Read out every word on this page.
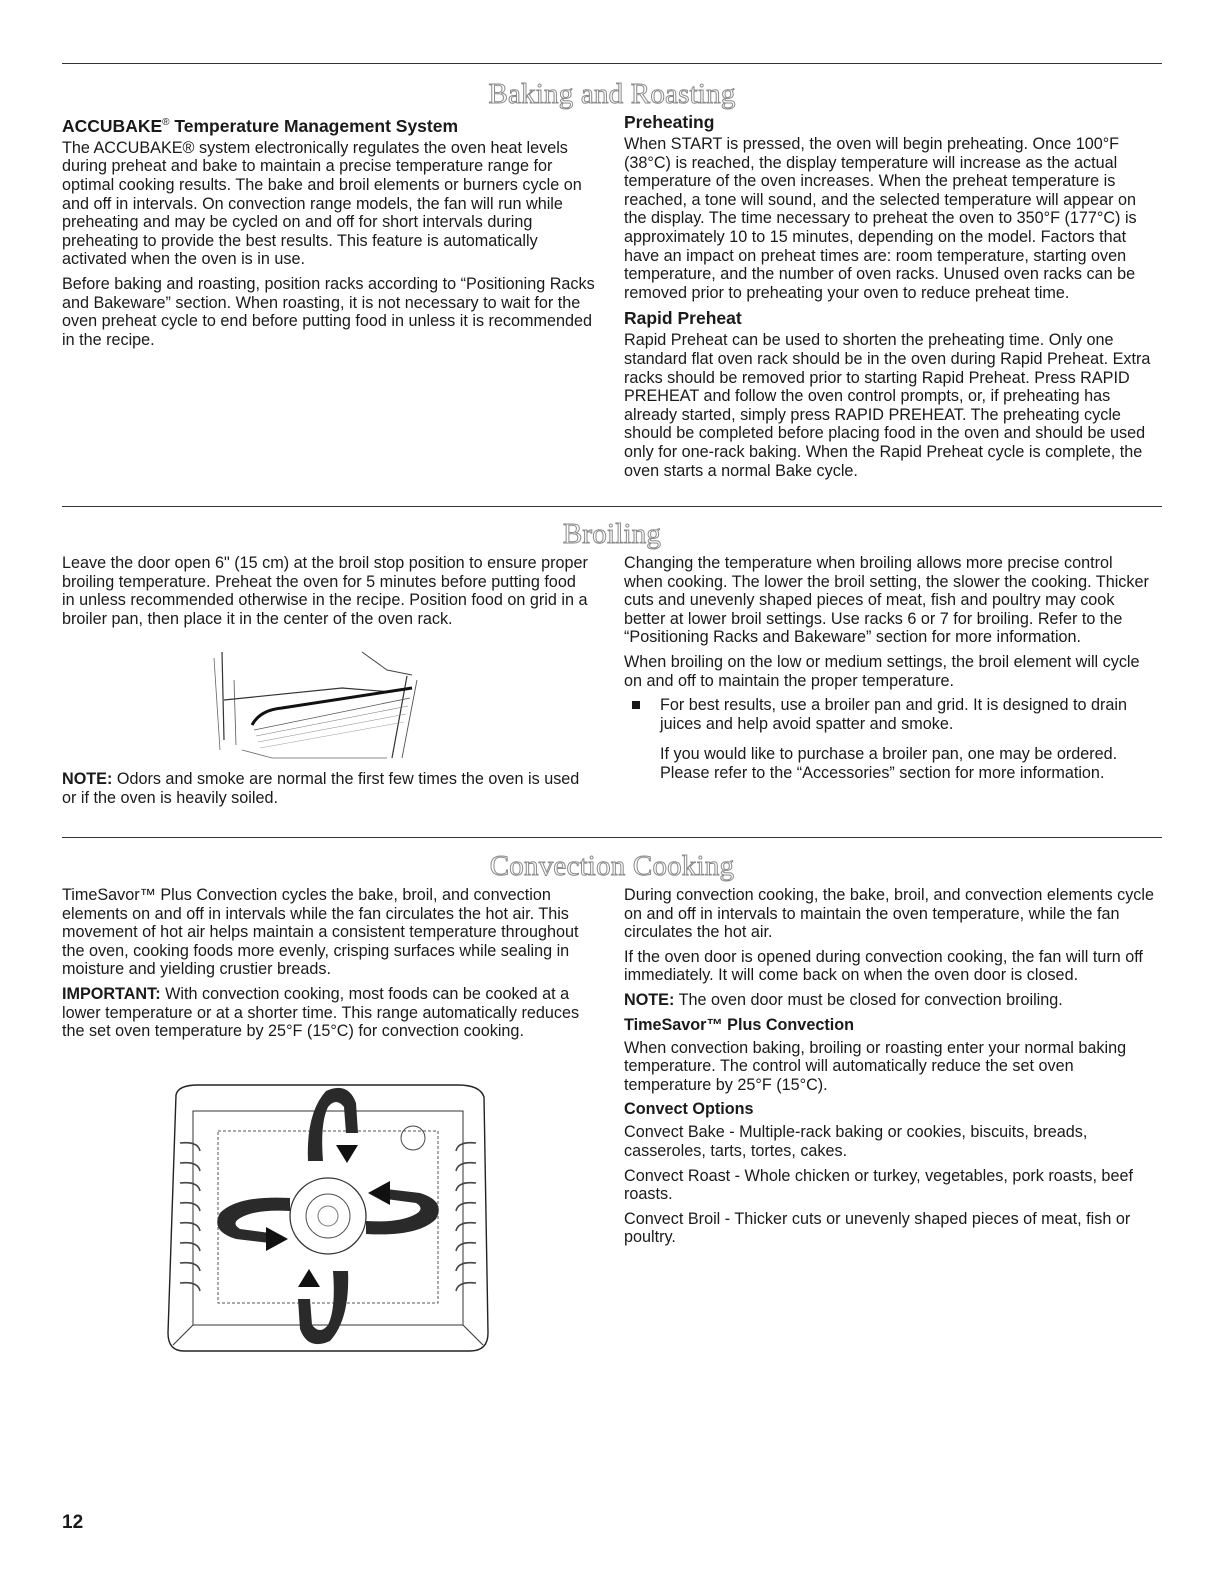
Baking and Roasting
ACCUBAKE® Temperature Management System

The ACCUBAKE® system electronically regulates the oven heat levels during preheat and bake to maintain a precise temperature range for optimal cooking results. The bake and broil elements or burners cycle on and off in intervals. On convection range models, the fan will run while preheating and may be cycled on and off for short intervals during preheating to provide the best results. This feature is automatically activated when the oven is in use.

Before baking and roasting, position racks according to “Positioning Racks and Bakeware” section. When roasting, it is not necessary to wait for the oven preheat cycle to end before putting food in unless it is recommended in the recipe.

Preheating

When START is pressed, the oven will begin preheating. Once 100°F (38°C) is reached, the display temperature will increase as the actual temperature of the oven increases. When the preheat temperature is reached, a tone will sound, and the selected temperature will appear on the display. The time necessary to preheat the oven to 350°F (177°C) is approximately 10 to 15 minutes, depending on the model. Factors that have an impact on preheat times are: room temperature, starting oven temperature, and the number of oven racks. Unused oven racks can be removed prior to preheating your oven to reduce preheat time.

Rapid Preheat

Rapid Preheat can be used to shorten the preheating time. Only one standard flat oven rack should be in the oven during Rapid Preheat. Extra racks should be removed prior to starting Rapid Preheat. Press RAPID PREHEAT and follow the oven control prompts, or, if preheating has already started, simply press RAPID PREHEAT. The preheating cycle should be completed before placing food in the oven and should be used only for one-rack baking. When the Rapid Preheat cycle is complete, the oven starts a normal Bake cycle.

Broiling

Leave the door open 6" (15 cm) at the broil stop position to ensure proper broiling temperature. Preheat the oven for 5 minutes before putting food in unless recommended otherwise in the recipe. Position food on grid in a broiler pan, then place it in the center of the oven rack.

NOTE: Odors and smoke are normal the first few times the oven is used or if the oven is heavily soiled.

Changing the temperature when broiling allows more precise control when cooking. The lower the broil setting, the slower the cooking. Thicker cuts and unevenly shaped pieces of meat, fish and poultry may cook better at lower broil settings. Use racks 6 or 7 for broiling. Refer to the “Positioning Racks and Bakeware” section for more information.

When broiling on the low or medium settings, the broil element will cycle on and off to maintain the proper temperature.

For best results, use a broiler pan and grid. It is designed to drain juices and help avoid spatter and smoke.

If you would like to purchase a broiler pan, one may be ordered. Please refer to the “Accessories” section for more information.

Convection Cooking

TimeSavor™ Plus Convection cycles the bake, broil, and convection elements on and off in intervals while the fan circulates the hot air. This movement of hot air helps maintain a consistent temperature throughout the oven, cooking foods more evenly, crisping surfaces while sealing in moisture and yielding crustier breads.

IMPORTANT: With convection cooking, most foods can be cooked at a lower temperature or at a shorter time. This range automatically reduces the set oven temperature by 25°F (15°C) for convection cooking.

During convection cooking, the bake, broil, and convection elements cycle on and off in intervals to maintain the oven temperature, while the fan circulates the hot air.

If the oven door is opened during convection cooking, the fan will turn off immediately. It will come back on when the oven door is closed.

NOTE: The oven door must be closed for convection broiling.

TimeSavor™ Plus Convection

When convection baking, broiling or roasting enter your normal baking temperature. The control will automatically reduce the set oven temperature by 25°F (15°C).

Convect Options

Convect Bake - Multiple-rack baking or cookies, biscuits, breads, casseroles, tarts, tortes, cakes.

Convect Roast - Whole chicken or turkey, vegetables, pork roasts, beef roasts.

Convect Broil - Thicker cuts or unevenly shaped pieces of meat, fish or poultry.

12
